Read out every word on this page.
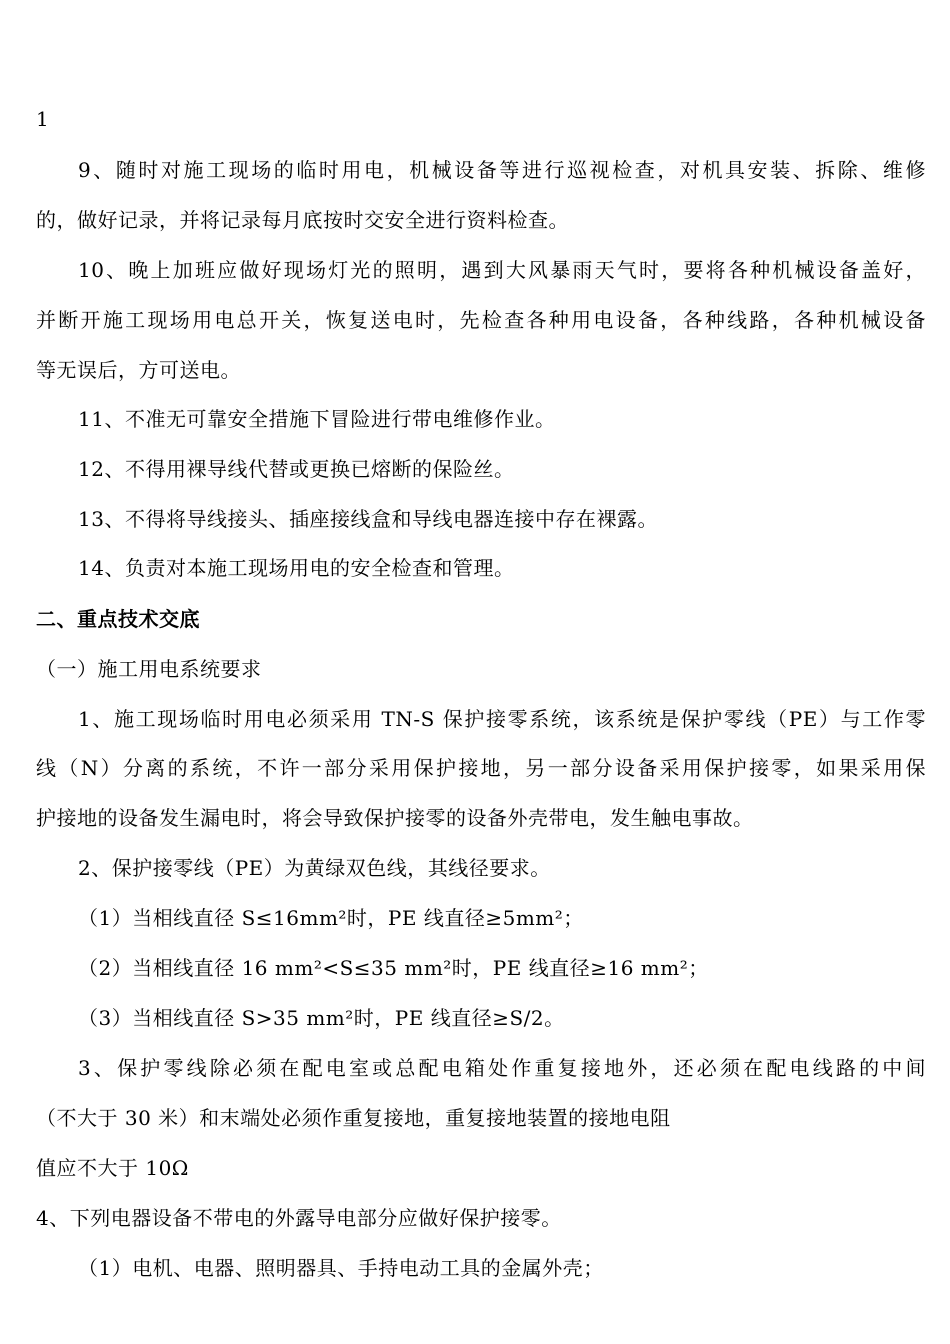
1
9、随时对施工现场的临时用电，机械设备等进行巡视检查，对机具安装、拆除、维修
的，做好记录，并将记录每月底按时交安全进行资料检查。
10、晚上加班应做好现场灯光的照明，遇到大风暴雨天气时，要将各种机械设备盖好，
并断开施工现场用电总开关，恢复送电时，先检查各种用电设备，各种线路，各种机械设备
等无误后，方可送电。
11、不准无可靠安全措施下冒险进行带电维修作业。
12、不得用裸导线代替或更换已熔断的保险丝。
13、不得将导线接头、插座接线盒和导线电器连接中存在裸露。
14、负责对本施工现场用电的安全检查和管理。
二、重点技术交底
（一）施工用电系统要求
1、施工现场临时用电必须采用 TN-S 保护接零系统，该系统是保护零线（PE）与工作零
线（N）分离的系统，不许一部分采用保护接地，另一部分设备采用保护接零，如果采用保
护接地的设备发生漏电时，将会导致保护接零的设备外壳带电，发生触电事故。
2、保护接零线（PE）为黄绿双色线，其线径要求。
（1）当相线直径 S≤16mm²时，PE 线直径≥5mm²；
（2）当相线直径 16 mm²<S≤35 mm²时，PE 线直径≥16 mm²；
（3）当相线直径 S>35 mm²时，PE 线直径≥S/2。
3、保护零线除必须在配电室或总配电箱处作重复接地外，还必须在配电线路的中间
（不大于 30 米）和末端处必须作重复接地，重复接地装置的接地电阻
值应不大于 10Ω
4、下列电器设备不带电的外露导电部分应做好保护接零。
（1）电机、电器、照明器具、手持电动工具的金属外壳；
